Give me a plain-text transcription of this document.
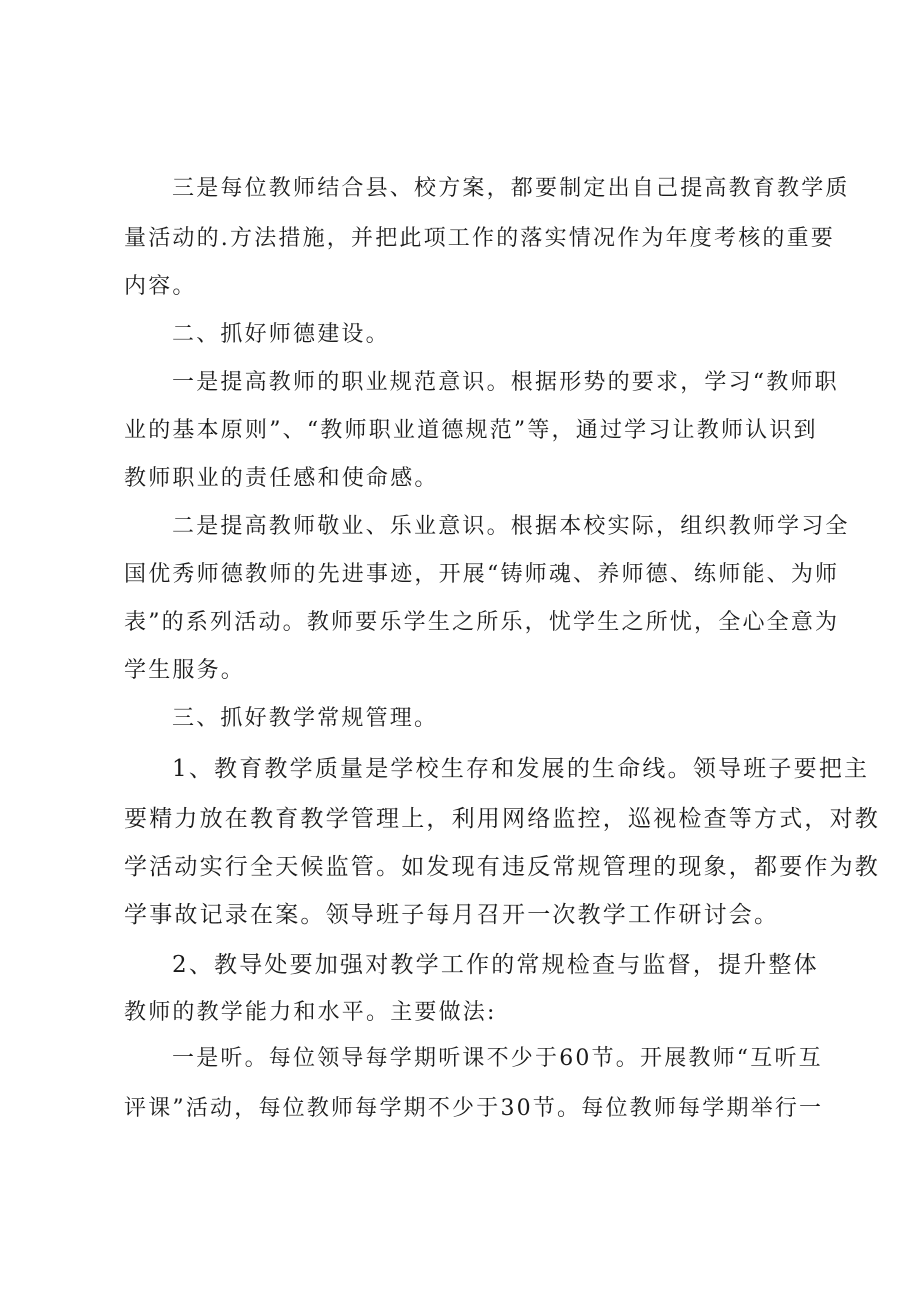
三是每位教师结合县、校方案，都要制定出自己提高教育教学质
量活动的.方法措施，并把此项工作的落实情况作为年度考核的重要
内容。
二、抓好师德建设。
一是提高教师的职业规范意识。根据形势的要求，学习“教师职
业的基本原则”、“教师职业道德规范”等，通过学习让教师认识到
教师职业的责任感和使命感。
二是提高教师敬业、乐业意识。根据本校实际，组织教师学习全
国优秀师德教师的先进事迹，开展“铸师魂、养师德、练师能、为师
表”的系列活动。教师要乐学生之所乐，忧学生之所忧，全心全意为
学生服务。
三、抓好教学常规管理。
1、教育教学质量是学校生存和发展的生命线。领导班子要把主
要精力放在教育教学管理上，利用网络监控，巡视检查等方式，对教
学活动实行全天候监管。如发现有违反常规管理的现象，都要作为教
学事故记录在案。领导班子每月召开一次教学工作研讨会。
2、教导处要加强对教学工作的常规检查与监督，提升整体
教师的教学能力和水平。主要做法:
一是听。每位领导每学期听课不少于60节。开展教师“互听互
评课”活动，每位教师每学期不少于30节。每位教师每学期举行一
